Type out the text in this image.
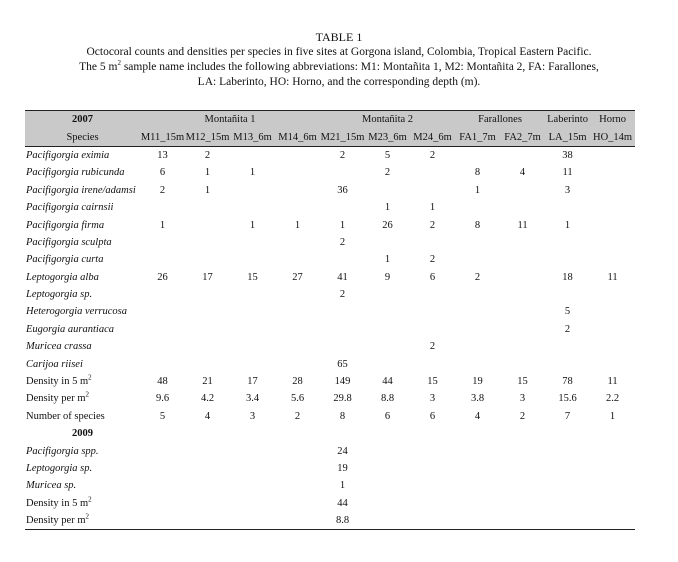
TABLE 1
Octocoral counts and densities per species in five sites at Gorgona island, Colombia, Tropical Eastern Pacific.
The 5 $m^2$ sample name includes the following abbreviations: M1: Montañita 1, M2: Montañita 2, FA: Farallones,
LA: Laberinto, HO: Horno, and the corresponding depth (m).
2007	Montañita 1				Montañita 2			Farallones		Laberinto	Horno
Species	M11_15m	M12_15m	M13_6m	M14_6m	M21_15m	M23_6m	M24_6m	FA1_7m	FA2_7m	LA_15m	HO_14m
Pacifigorgia eximia	13	2			2	5	2			38	
Pacifigorgia rubicunda	6	1	1			2		8	4	11	
Pacifigorgia irene/adamsi	2	1			36			1		3	
Pacifigorgia cairnsii						1	1				
Pacifigorgia firma	1		1	1	1	26	2	8	11	1	
Pacifigorgia sculpta					2						
Pacifigorgia curta						1	2				
Leptogorgia alba	26	17	15	27	41	9	6	2		18	11
Leptogorgia sp.					2						
Heterogorgia verrucosa										5	
Eugorgia aurantiaca										2	
Muricea crassa							2				
Carijoa riisei					65						
Density in 5 $m^2$	48	21	17	28	149	44	15	19	15	78	11
Density per $m^2$	9.6	4.2	3.4	5.6	29.8	8.8	3	3.8	3	15.6	2.2
Number of species	5	4	3	2	8	6	6	4	2	7	1
2009											
Pacifigorgia spp.					24						
Leptogorgia sp.					19						
Muricea sp.					1						
Density in 5 $m^2$					44						
Density per $m^2$					8.8						
